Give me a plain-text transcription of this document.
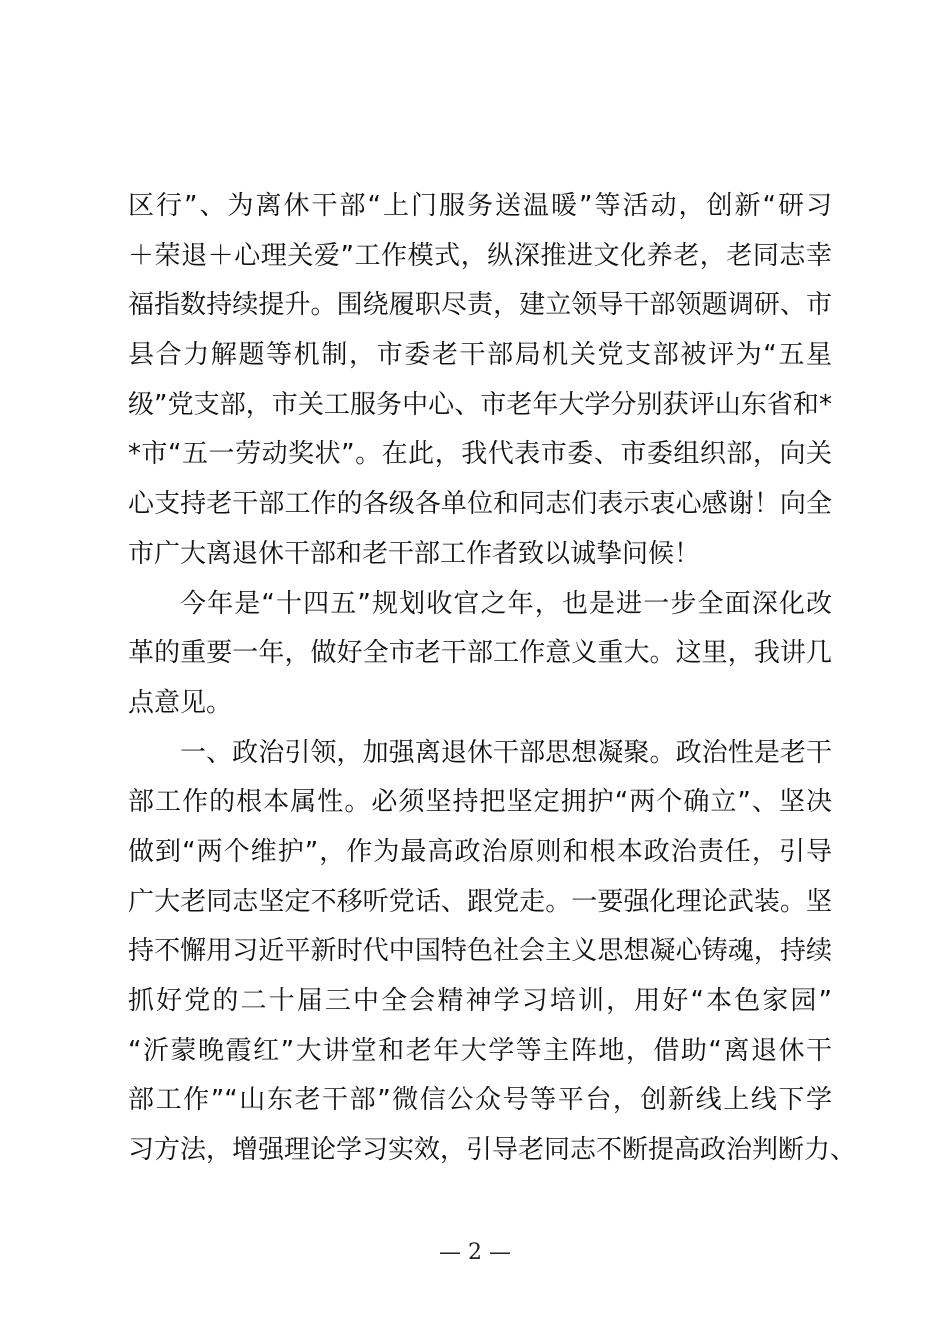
区行”、为离休干部“上门服务送温暖”等活动，创新“研习
＋荣退＋心理关爱”工作模式，纵深推进文化养老，老同志幸
福指数持续提升。围绕履职尽责，建立领导干部领题调研、市
县合力解题等机制，市委老干部局机关党支部被评为“五星
级”党支部，市关工服务中心、市老年大学分别获评山东省和*
*市“五一劳动奖状”。在此，我代表市委、市委组织部，向关
心支持老干部工作的各级各单位和同志们表示衷心感谢！向全
市广大离退休干部和老干部工作者致以诚挚问候！
今年是“十四五”规划收官之年，也是进一步全面深化改
革的重要一年，做好全市老干部工作意义重大。这里，我讲几
点意见。
一、政治引领，加强离退休干部思想凝聚。政治性是老干
部工作的根本属性。必须坚持把坚定拥护“两个确立”、坚决
做到“两个维护”，作为最高政治原则和根本政治责任，引导
广大老同志坚定不移听党话、跟党走。一要强化理论武装。坚
持不懈用习近平新时代中国特色社会主义思想凝心铸魂，持续
抓好党的二十届三中全会精神学习培训，用好“本色家园”
“沂蒙晚霞红”大讲堂和老年大学等主阵地，借助“离退休干
部工作”“山东老干部”微信公众号等平台，创新线上线下学
习方法，增强理论学习实效，引导老同志不断提高政治判断力、
— 2 —
